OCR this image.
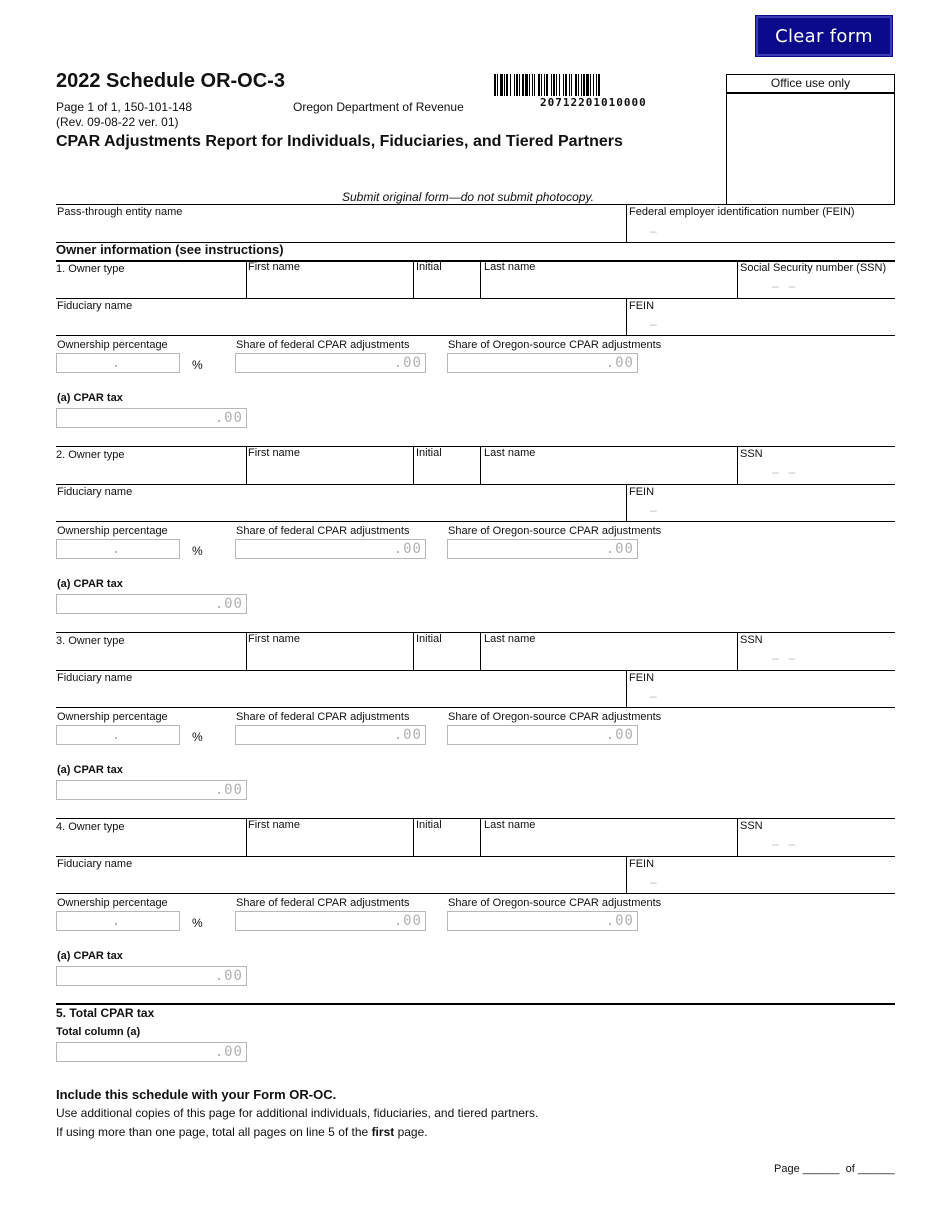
Clear form
2022 Schedule OR-OC-3
Page 1 of 1, 150-101-148
(Rev. 09-08-22 ver. 01)
Oregon Department of Revenue	20712201010000
Office use only
CPAR Adjustments Report for Individuals, Fiduciaries, and Tiered Partners
Submit original form—do not submit photocopy.
Pass-through entity name	Federal employer identification number (FEIN)
–
Owner information (see instructions)
1. Owner type	First name	Initial	Last name	Social Security number (SSN)
–   –
Fiduciary name	FEIN
–
Ownership percentage
.	%
Share of federal CPAR adjustments
.00
Share of Oregon-source CPAR adjustments
.00
(a) CPAR tax
.00
2. Owner type	First name	Initial	Last name	SSN
–   –
Fiduciary name	FEIN
–
Ownership percentage
.	%
Share of federal CPAR adjustments
.00
Share of Oregon-source CPAR adjustments
.00
(a) CPAR tax
.00
3. Owner type	First name	Initial	Last name	SSN
–   –
Fiduciary name	FEIN
–
Ownership percentage
.	%
Share of federal CPAR adjustments
.00
Share of Oregon-source CPAR adjustments
.00
(a) CPAR tax
.00
4. Owner type	First name	Initial	Last name	SSN
–   –
Fiduciary name	FEIN
–
Ownership percentage
.	%
Share of federal CPAR adjustments
.00
Share of Oregon-source CPAR adjustments
.00
(a) CPAR tax
.00
5. Total CPAR tax
Total column (a)
.00
Include this schedule with your Form OR-OC.
Use additional copies of this page for additional individuals, fiduciaries, and tiered partners.
If using more than one page, total all pages on line 5 of the first page.
Page ______ of ______
